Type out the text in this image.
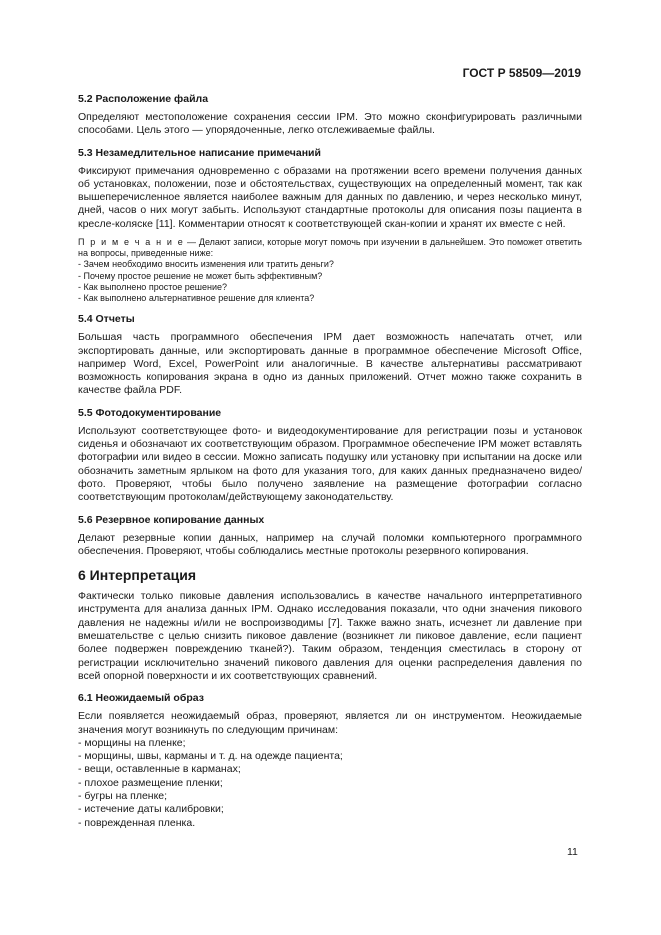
ГОСТ Р 58509—2019
5.2 Расположение файла

Определяют местоположение сохранения сессии IPM. Это можно сконфигурировать различными способами. Цель этого — упорядоченные, легко отслеживаемые файлы.

5.3 Незамедлительное написание примечаний

Фиксируют примечания одновременно с образами на протяжении всего времени получения данных об установках, положении, позе и обстоятельствах, существующих на определенный момент, так как вышеперечисленное является наиболее важным для данных по давлению, и через несколько минут, дней, часов о них могут забыть. Используют стандартные протоколы для описания позы пациента в кресле-коляске [11]. Комментарии относят к соответствующей скан-копии и хранят их вместе с ней.

П р и м е ч а н и е — Делают записи, которые могут помочь при изучении в дальнейшем. Это поможет ответить на вопросы, приведенные ниже:
- Зачем необходимо вносить изменения или тратить деньги?
- Почему простое решение не может быть эффективным?
- Как выполнено простое решение?
- Как выполнено альтернативное решение для клиента?
5.4 Отчеты

Большая часть программного обеспечения IPM дает возможность напечатать отчет, или экспортировать данные, или экспортировать данные в программное обеспечение Microsoft Office, например Word, Excel, PowerPoint или аналогичные. В качестве альтернативы рассматривают возможность копирования экрана в одно из данных приложений. Отчет можно также сохранить в качестве файла PDF.

5.5 Фотодокументирование

Используют соответствующее фото- и видеодокументирование для регистрации позы и установок сиденья и обозначают их соответствующим образом. Программное обеспечение IPM может вставлять фотографии или видео в сессии. Можно записать подушку или установку при испытании на доске или обозначить заметным ярлыком на фото для указания того, для каких данных предназначено видео/фото. Проверяют, чтобы было получено заявление на размещение фотографии согласно соответствующим протоколам/действующему законодательству.

5.6 Резервное копирование данных

Делают резервные копии данных, например на случай поломки компьютерного программного обеспечения. Проверяют, чтобы соблюдались местные протоколы резервного копирования.

6 Интерпретация

Фактически только пиковые давления использовались в качестве начального интерпретативного инструмента для анализа данных IPM. Однако исследования показали, что одни значения пикового давления не надежны и/или не воспроизводимы [7]. Также важно знать, исчезнет ли давление при вмешательстве с целью снизить пиковое давление (возникнет ли пиковое давление, если пациент более подвержен повреждению тканей?). Таким образом, тенденция сместилась в сторону от регистрации исключительно значений пикового давления для оценки распределения давления по всей опорной поверхности и их соответствующих сравнений.

6.1 Неожидаемый образ

Если появляется неожидаемый образ, проверяют, является ли он инструментом. Неожидаемые значения могут возникнуть по следующим причинам:

- морщины на пленке;
- морщины, швы, карманы и т. д. на одежде пациента;
- вещи, оставленные в карманах;
- плохое размещение пленки;
- бугры на пленке;
- истечение даты калибровки;
- поврежденная пленка.
11
